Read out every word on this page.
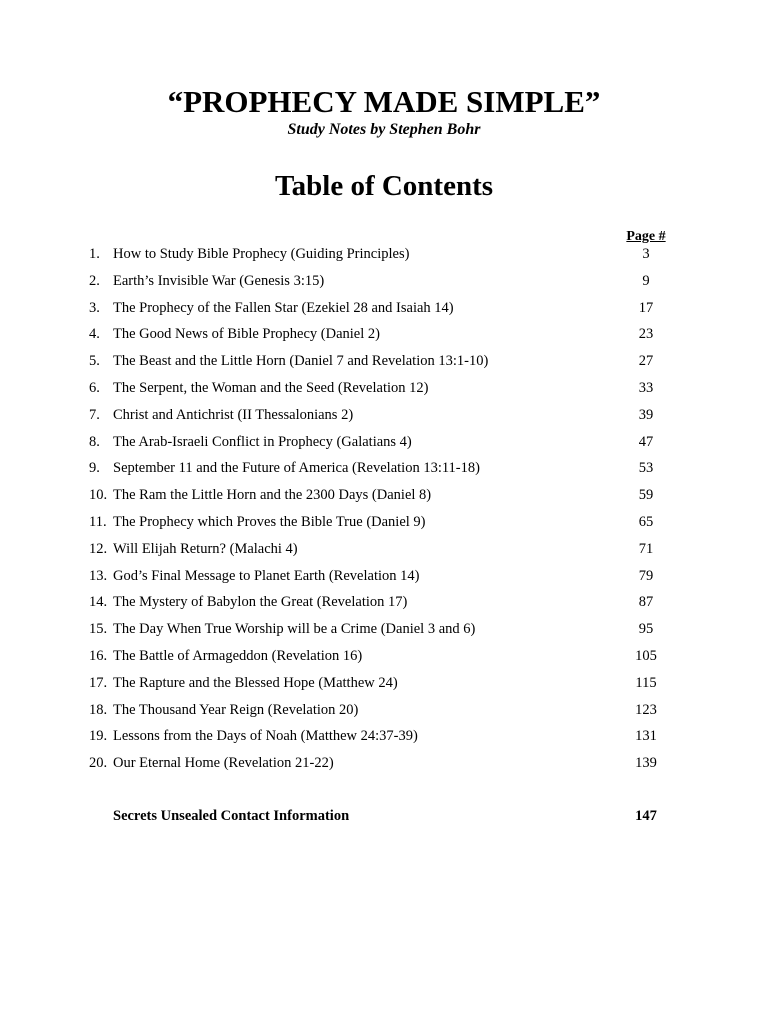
“PROPHECY MADE SIMPLE”
Study Notes by Stephen Bohr
Table of Contents
Page #
1. How to Study Bible Prophecy (Guiding Principles)	3
2. Earth’s Invisible War (Genesis 3:15)	9
3. The Prophecy of the Fallen Star (Ezekiel 28 and Isaiah 14)	17
4. The Good News of Bible Prophecy (Daniel 2)	23
5. The Beast and the Little Horn (Daniel 7 and Revelation 13:1-10)	27
6. The Serpent, the Woman and the Seed (Revelation 12)	33
7. Christ and Antichrist (II Thessalonians 2)	39
8. The Arab-Israeli Conflict in Prophecy (Galatians 4)	47
9. September 11 and the Future of America (Revelation 13:11-18)	53
10. The Ram the Little Horn and the 2300 Days (Daniel 8)	59
11. The Prophecy which Proves the Bible True (Daniel 9)	65
12. Will Elijah Return? (Malachi 4)	71
13. God’s Final Message to Planet Earth (Revelation 14)	79
14. The Mystery of Babylon the Great (Revelation 17)	87
15. The Day When True Worship will be a Crime (Daniel 3 and 6)	95
16. The Battle of Armageddon (Revelation 16)	105
17. The Rapture and the Blessed Hope (Matthew 24)	115
18. The Thousand Year Reign (Revelation 20)	123
19. Lessons from the Days of Noah (Matthew 24:37-39)	131
20. Our Eternal Home (Revelation 21-22)	139
Secrets Unsealed Contact Information	147
